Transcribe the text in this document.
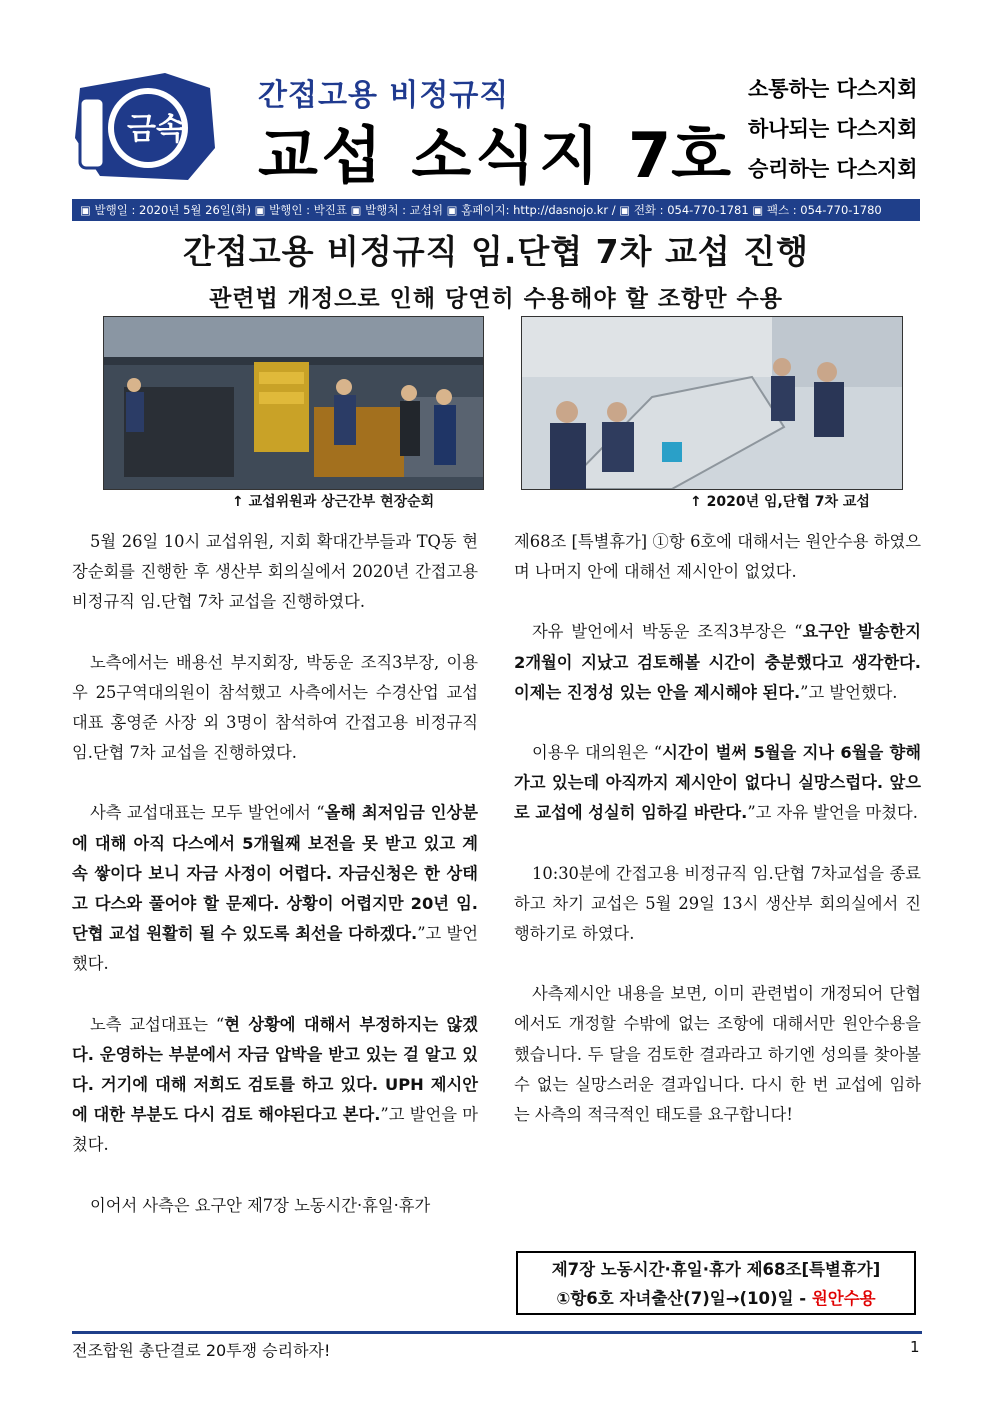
금속
간접고용 비정규직
교섭 소식지 7호
소통하는 다스지회
하나되는 다스지회
승리하는 다스지회
▣ 발행일 : 2020년 5월 26일(화) ▣ 발행인 : 박진표 ▣ 발행처 : 교섭위 ▣ 홈페이지: http://dasnojo.kr / ▣ 전화 : 054-770-1781 ▣ 팩스 : 054-770-1780
간접고용 비정규직 임.단협 7차 교섭 진행
관련법 개정으로 인해 당연히 수용해야 할 조항만 수용
↑ 교섭위원과 상근간부 현장순회	↑ 2020년 임,단협 7차 교섭

5월 26일 10시 교섭위원, 지회 확대간부들과 TQ동 현장순회를 진행한 후 생산부 회의실에서 2020년 간접고용 비정규직 임.단협 7차 교섭을 진행하였다.

노측에서는 배용선 부지회장, 박동운 조직3부장, 이용우 25구역대의원이 참석했고 사측에서는 수경산업 교섭대표 홍영준 사장 외 3명이 참석하여 간접고용 비정규직 임.단협 7차 교섭을 진행하였다.

사측 교섭대표는 모두 발언에서 “올해 최저임금 인상분에 대해 아직 다스에서 5개월째 보전을 못 받고 있고 계속 쌓이다 보니 자금 사정이 어렵다. 자금신청은 한 상태고 다스와 풀어야 할 문제다. 상황이 어렵지만 20년 임.단협 교섭 원활히 될 수 있도록 최선을 다하겠다.”고 발언했다.

노측 교섭대표는 “현 상황에 대해서 부정하지는 않겠다. 운영하는 부분에서 자금 압박을 받고 있는 걸 알고 있다. 거기에 대해 저희도 검토를 하고 있다. UPH 제시안에 대한 부분도 다시 검토 해야된다고 본다.”고 발언을 마쳤다.

이어서 사측은 요구안 제7장 노동시간·휴일·휴가

제68조 [특별휴가] ①항 6호에 대해서는 원안수용 하였으며 나머지 안에 대해선 제시안이 없었다.

자유 발언에서 박동운 조직3부장은 “요구안 발송한지 2개월이 지났고 검토해볼 시간이 충분했다고 생각한다. 이제는 진정성 있는 안을 제시해야 된다.”고 발언했다.

이용우 대의원은 “시간이 벌써 5월을 지나 6월을 향해가고 있는데 아직까지 제시안이 없다니 실망스럽다. 앞으로 교섭에 성실히 임하길 바란다.”고 자유 발언을 마쳤다.

10:30분에 간접고용 비정규직 임.단협 7차교섭을 종료하고 차기 교섭은 5월 29일 13시 생산부 회의실에서 진행하기로 하였다.

사측제시안 내용을 보면, 이미 관련법이 개정되어 단협에서도 개정할 수밖에 없는 조항에 대해서만 원안수용을 했습니다. 두 달을 검토한 결과라고 하기엔 성의를 찾아볼 수 없는 실망스러운 결과입니다. 다시 한 번 교섭에 임하는 사측의 적극적인 태도를 요구합니다!

제7장 노동시간·휴일·휴가 제68조[특별휴가]
①항6호 자녀출산(7)일→(10)일 - 원안수용
전조합원 총단결로 20투쟁 승리하자!	1
